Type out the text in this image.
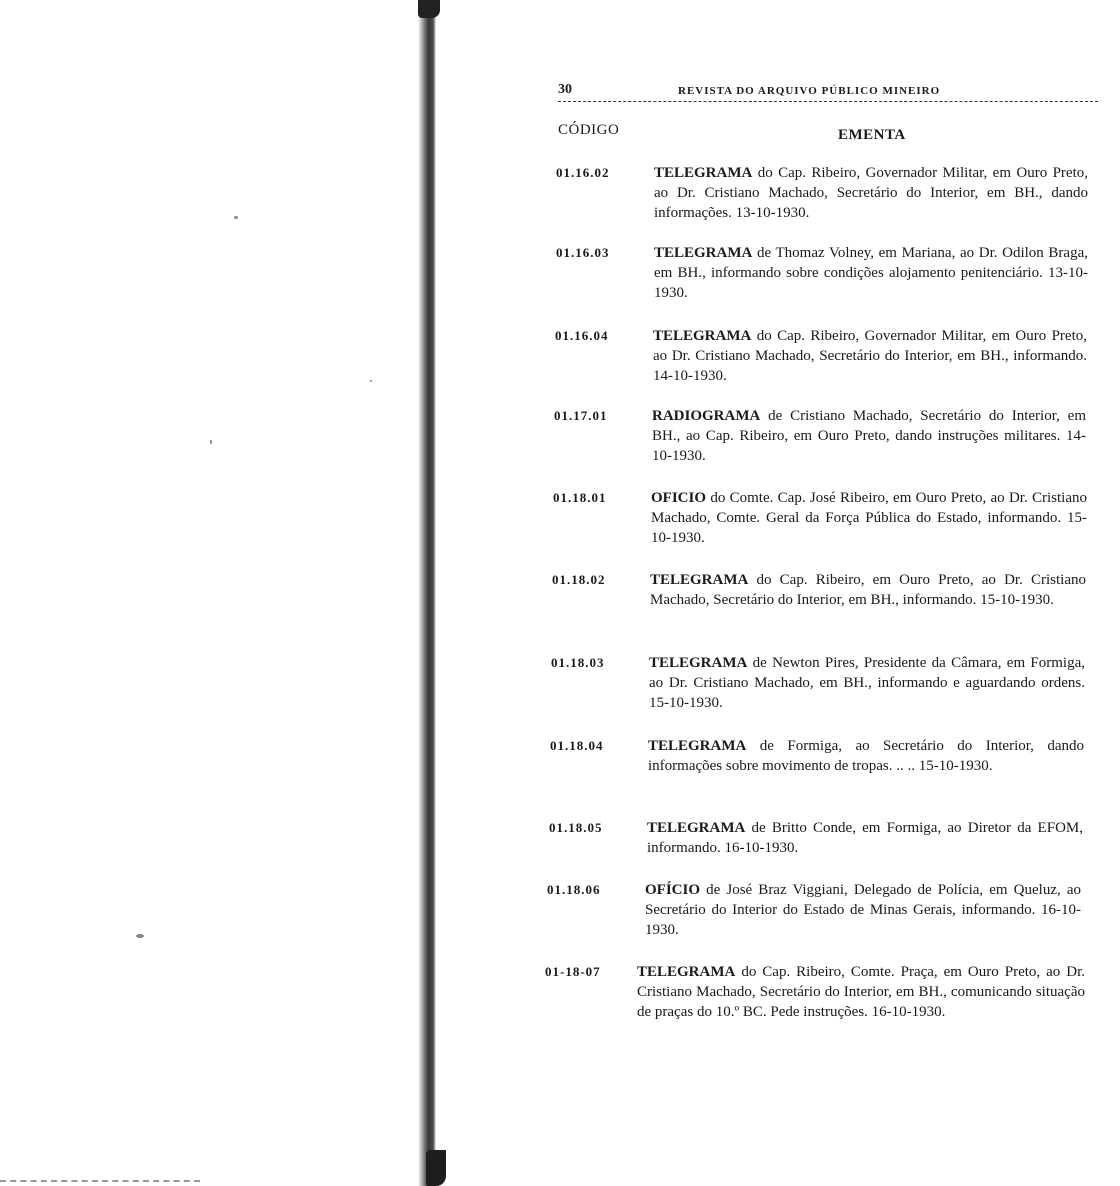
30	REVISTA DO ARQUIVO PÚBLICO MINEIRO
CÓDIGO	EMENTA
01.16.02	TELEGRAMA do Cap. Ribeiro, Governador Militar, em Ouro Preto, ao Dr. Cristiano Machado, Secretário do Interior, em BH., dando informações. 13-10-1930.

01.16.03	TELEGRAMA de Thomaz Volney, em Mariana, ao Dr. Odilon Braga, em BH., informando sobre condições alojamento penitenciário. 13-10-1930.

01.16.04	TELEGRAMA do Cap. Ribeiro, Governador Militar, em Ouro Preto, ao Dr. Cristiano Machado, Secretário do Interior, em BH., informando. 14-10-1930.

01.17.01	RADIOGRAMA de Cristiano Machado, Secretário do Interior, em BH., ao Cap. Ribeiro, em Ouro Preto, dando instruções militares. 14-10-1930.

01.18.01	OFICIO do Comte. Cap. José Ribeiro, em Ouro Preto, ao Dr. Cristiano Machado, Comte. Geral da Força Pública do Estado, informando. 15-10-1930.

01.18.02	TELEGRAMA do Cap. Ribeiro, em Ouro Preto, ao Dr. Cristiano Machado, Secretário do Interior, em BH., informando. 15-10-1930.

01.18.03	TELEGRAMA de Newton Pires, Presidente da Câmara, em Formiga, ao Dr. Cristiano Machado, em BH., informando e aguardando ordens. 15-10-1930.

01.18.04	TELEGRAMA de Formiga, ao Secretário do Interior, dando informações sobre movimento de tropas. .. .. 15-10-1930.

01.18.05	TELEGRAMA de Britto Conde, em Formiga, ao Diretor da EFOM, informando. 16-10-1930.

01.18.06	OFÍCIO de José Braz Viggiani, Delegado de Polícia, em Queluz, ao Secretário do Interior do Estado de Minas Gerais, informando. 16-10-1930.

01-18-07 TELEGRAMA do Cap. Ribeiro, Comte. Praça, em Ouro Preto, ao Dr. Cristiano Machado, Secretário do Interior, em BH., comunicando situação de praças do 10.º BC. Pede instruções. 16-10-1930.
